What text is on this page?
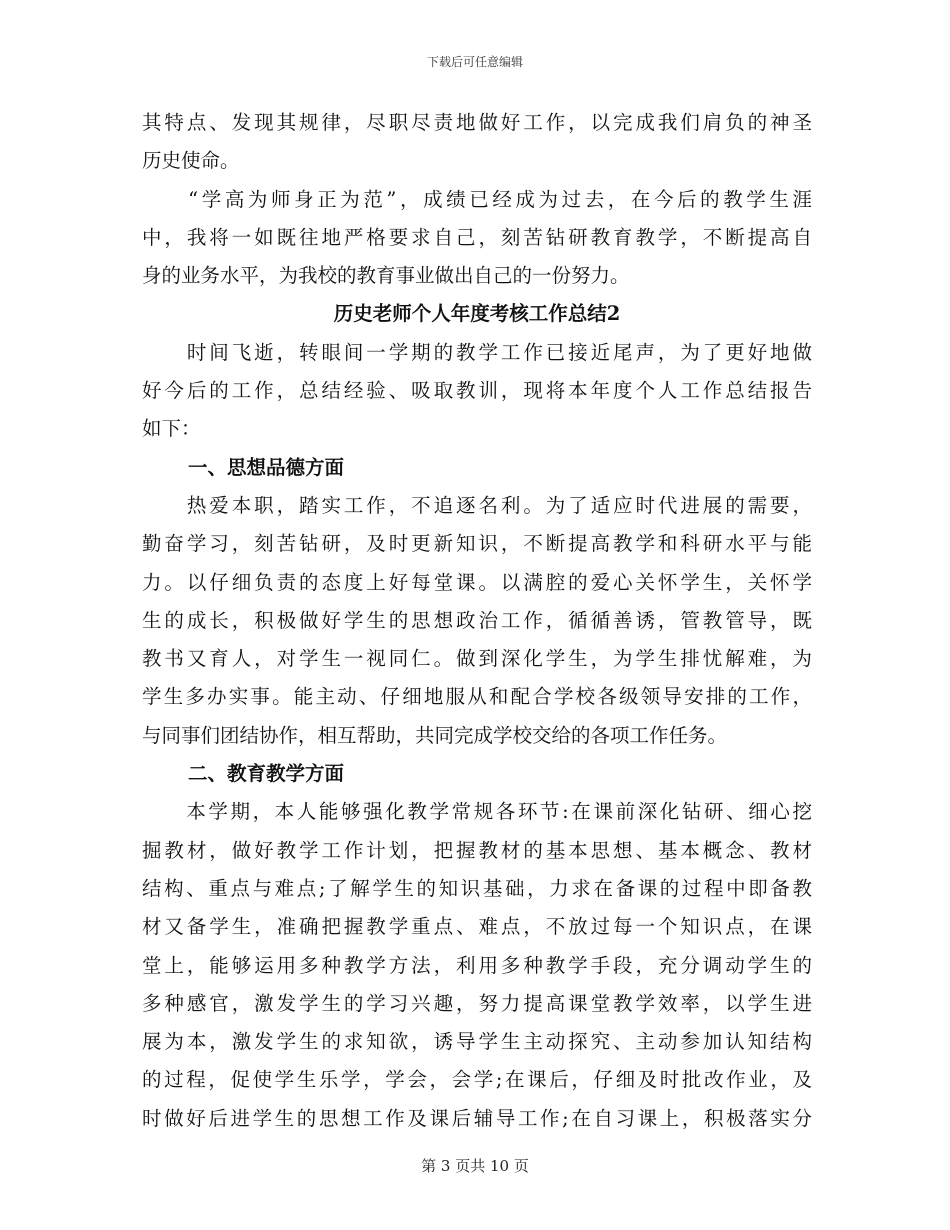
下载后可任意编辑
其特点、发现其规律，尽职尽责地做好工作，以完成我们肩负的神圣
历史使命。
　　“学高为师身正为范”，成绩已经成为过去，在今后的教学生涯
中，我将一如既往地严格要求自己，刻苦钻研教育教学，不断提高自
身的业务水平，为我校的教育事业做出自己的一份努力。
历史老师个人年度考核工作总结2
　　时间飞逝，转眼间一学期的教学工作已接近尾声，为了更好地做
好今后的工作，总结经验、吸取教训，现将本年度个人工作总结报告
如下：
一、思想品德方面
　　热爱本职，踏实工作，不追逐名利。为了适应时代进展的需要，
勤奋学习，刻苦钻研，及时更新知识，不断提高教学和科研水平与能
力。以仔细负责的态度上好每堂课。以满腔的爱心关怀学生，关怀学
生的成长，积极做好学生的思想政治工作，循循善诱，管教管导，既
教书又育人，对学生一视同仁。做到深化学生，为学生排忧解难，为
学生多办实事。能主动、仔细地服从和配合学校各级领导安排的工作，
与同事们团结协作，相互帮助，共同完成学校交给的各项工作任务。
二、教育教学方面
　　本学期，本人能够强化教学常规各环节:在课前深化钻研、细心挖
掘教材，做好教学工作计划，把握教材的基本思想、基本概念、教材
结构、重点与难点;了解学生的知识基础，力求在备课的过程中即备教
材又备学生，准确把握教学重点、难点，不放过每一个知识点，在课
堂上，能够运用多种教学方法，利用多种教学手段，充分调动学生的
多种感官，激发学生的学习兴趣，努力提高课堂教学效率，以学生进
展为本，激发学生的求知欲，诱导学生主动探究、主动参加认知结构
的过程，促使学生乐学，学会，会学;在课后，仔细及时批改作业，及
时做好后进学生的思想工作及课后辅导工作;在自习课上，积极落实分
第 3 页共 10 页
